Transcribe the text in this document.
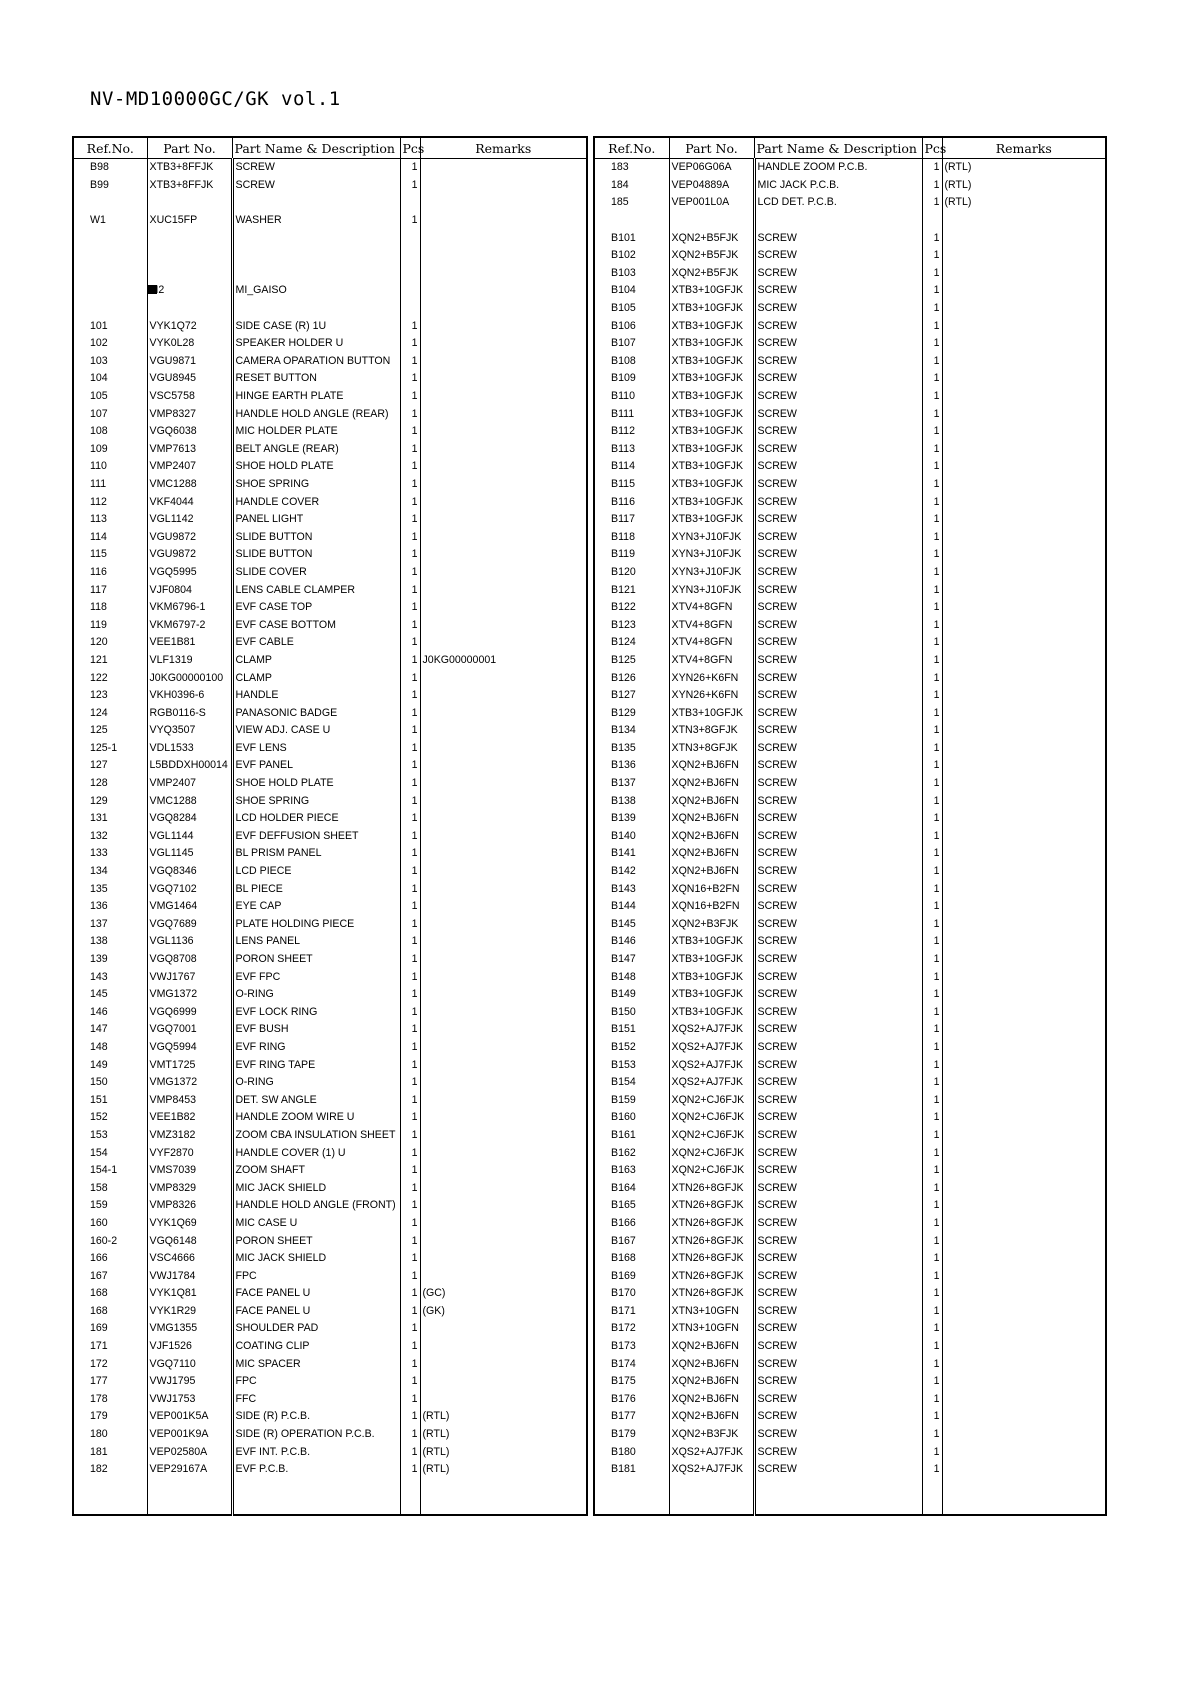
NV-MD10000GC/GK vol.1
Ref.No.	Part No.	Part Name & Description	Pcs	Remarks
B98	XTB3+8FFJK	SCREW	1	
B99	XTB3+8FFJK	SCREW	1	

W1	XUC15FP	WASHER	1	

	M2	MI_GAISO		

101	VYK1Q72	SIDE CASE (R) 1U	1	
102	VYK0L28	SPEAKER HOLDER U	1	
103	VGU9871	CAMERA OPARATION BUTTON	1	
104	VGU8945	RESET BUTTON	1	
105	VSC5758	HINGE EARTH PLATE	1	
107	VMP8327	HANDLE HOLD ANGLE (REAR)	1	
108	VGQ6038	MIC HOLDER PLATE	1	
109	VMP7613	BELT ANGLE (REAR)	1	
110	VMP2407	SHOE HOLD PLATE	1	
111	VMC1288	SHOE SPRING	1	
112	VKF4044	HANDLE COVER	1	
113	VGL1142	PANEL LIGHT	1	
114	VGU9872	SLIDE BUTTON	1	
115	VGU9872	SLIDE BUTTON	1	
116	VGQ5995	SLIDE COVER	1	
117	VJF0804	LENS CABLE CLAMPER	1	
118	VKM6796-1	EVF CASE TOP	1	
119	VKM6797-2	EVF CASE BOTTOM	1	
120	VEE1B81	EVF CABLE	1	
121	VLF1319	CLAMP	1	J0KG00000001
122	J0KG00000100	CLAMP	1	
123	VKH0396-6	HANDLE	1	
124	RGB0116-S	PANASONIC BADGE	1	
125	VYQ3507	VIEW ADJ. CASE U	1	
125-1	VDL1533	EVF LENS	1	
127	L5BDDXH00014	EVF PANEL	1	
128	VMP2407	SHOE HOLD PLATE	1	
129	VMC1288	SHOE SPRING	1	
131	VGQ8284	LCD HOLDER PIECE	1	
132	VGL1144	EVF DEFFUSION SHEET	1	
133	VGL1145	BL PRISM PANEL	1	
134	VGQ8346	LCD PIECE	1	
135	VGQ7102	BL PIECE	1	
136	VMG1464	EYE CAP	1	
137	VGQ7689	PLATE HOLDING PIECE	1	
138	VGL1136	LENS PANEL	1	
139	VGQ8708	PORON SHEET	1	
143	VWJ1767	EVF FPC	1	
145	VMG1372	O-RING	1	
146	VGQ6999	EVF LOCK RING	1	
147	VGQ7001	EVF BUSH	1	
148	VGQ5994	EVF RING	1	
149	VMT1725	EVF RING TAPE	1	
150	VMG1372	O-RING	1	
151	VMP8453	DET. SW ANGLE	1	
152	VEE1B82	HANDLE ZOOM WIRE U	1	
153	VMZ3182	ZOOM CBA INSULATION SHEET	1	
154	VYF2870	HANDLE COVER (1) U	1	
154-1	VMS7039	ZOOM SHAFT	1	
158	VMP8329	MIC JACK SHIELD	1	
159	VMP8326	HANDLE HOLD ANGLE (FRONT)	1	
160	VYK1Q69	MIC CASE U	1	
160-2	VGQ6148	PORON SHEET	1	
166	VSC4666	MIC JACK SHIELD	1	
167	VWJ1784	FPC	1	
168	VYK1Q81	FACE PANEL U	1	(GC)
168	VYK1R29	FACE PANEL U	1	(GK)
169	VMG1355	SHOULDER PAD	1	
171	VJF1526	COATING CLIP	1	
172	VGQ7110	MIC SPACER	1	
177	VWJ1795	FPC	1	
178	VWJ1753	FFC	1	
179	VEP001K5A	SIDE (R) P.C.B.	1	(RTL)
180	VEP001K9A	SIDE (R) OPERATION P.C.B.	1	(RTL)
181	VEP02580A	EVF INT. P.C.B.	1	(RTL)
182	VEP29167A	EVF P.C.B.	1	(RTL)

Ref.No.	Part No.	Part Name & Description	Pcs	Remarks
183	VEP06G06A	HANDLE ZOOM P.C.B.	1	(RTL)
184	VEP04889A	MIC JACK P.C.B.	1	(RTL)
185	VEP001L0A	LCD DET. P.C.B.	1	(RTL)

B101	XQN2+B5FJK	SCREW	1	
B102	XQN2+B5FJK	SCREW	1	
B103	XQN2+B5FJK	SCREW	1	
B104	XTB3+10GFJK	SCREW	1	
B105	XTB3+10GFJK	SCREW	1	
B106	XTB3+10GFJK	SCREW	1	
B107	XTB3+10GFJK	SCREW	1	
B108	XTB3+10GFJK	SCREW	1	
B109	XTB3+10GFJK	SCREW	1	
B110	XTB3+10GFJK	SCREW	1	
B111	XTB3+10GFJK	SCREW	1	
B112	XTB3+10GFJK	SCREW	1	
B113	XTB3+10GFJK	SCREW	1	
B114	XTB3+10GFJK	SCREW	1	
B115	XTB3+10GFJK	SCREW	1	
B116	XTB3+10GFJK	SCREW	1	
B117	XTB3+10GFJK	SCREW	1	
B118	XYN3+J10FJK	SCREW	1	
B119	XYN3+J10FJK	SCREW	1	
B120	XYN3+J10FJK	SCREW	1	
B121	XYN3+J10FJK	SCREW	1	
B122	XTV4+8GFN	SCREW	1	
B123	XTV4+8GFN	SCREW	1	
B124	XTV4+8GFN	SCREW	1	
B125	XTV4+8GFN	SCREW	1	
B126	XYN26+K6FN	SCREW	1	
B127	XYN26+K6FN	SCREW	1	
B129	XTB3+10GFJK	SCREW	1	
B134	XTN3+8GFJK	SCREW	1	
B135	XTN3+8GFJK	SCREW	1	
B136	XQN2+BJ6FN	SCREW	1	
B137	XQN2+BJ6FN	SCREW	1	
B138	XQN2+BJ6FN	SCREW	1	
B139	XQN2+BJ6FN	SCREW	1	
B140	XQN2+BJ6FN	SCREW	1	
B141	XQN2+BJ6FN	SCREW	1	
B142	XQN2+BJ6FN	SCREW	1	
B143	XQN16+B2FN	SCREW	1	
B144	XQN16+B2FN	SCREW	1	
B145	XQN2+B3FJK	SCREW	1	
B146	XTB3+10GFJK	SCREW	1	
B147	XTB3+10GFJK	SCREW	1	
B148	XTB3+10GFJK	SCREW	1	
B149	XTB3+10GFJK	SCREW	1	
B150	XTB3+10GFJK	SCREW	1	
B151	XQS2+AJ7FJK	SCREW	1	
B152	XQS2+AJ7FJK	SCREW	1	
B153	XQS2+AJ7FJK	SCREW	1	
B154	XQS2+AJ7FJK	SCREW	1	
B159	XQN2+CJ6FJK	SCREW	1	
B160	XQN2+CJ6FJK	SCREW	1	
B161	XQN2+CJ6FJK	SCREW	1	
B162	XQN2+CJ6FJK	SCREW	1	
B163	XQN2+CJ6FJK	SCREW	1	
B164	XTN26+8GFJK	SCREW	1	
B165	XTN26+8GFJK	SCREW	1	
B166	XTN26+8GFJK	SCREW	1	
B167	XTN26+8GFJK	SCREW	1	
B168	XTN26+8GFJK	SCREW	1	
B169	XTN26+8GFJK	SCREW	1	
B170	XTN26+8GFJK	SCREW	1	
B171	XTN3+10GFN	SCREW	1	
B172	XTN3+10GFN	SCREW	1	
B173	XQN2+BJ6FN	SCREW	1	
B174	XQN2+BJ6FN	SCREW	1	
B175	XQN2+BJ6FN	SCREW	1	
B176	XQN2+BJ6FN	SCREW	1	
B177	XQN2+BJ6FN	SCREW	1	
B179	XQN2+B3FJK	SCREW	1	
B180	XQS2+AJ7FJK	SCREW	1	
B181	XQS2+AJ7FJK	SCREW	1	
